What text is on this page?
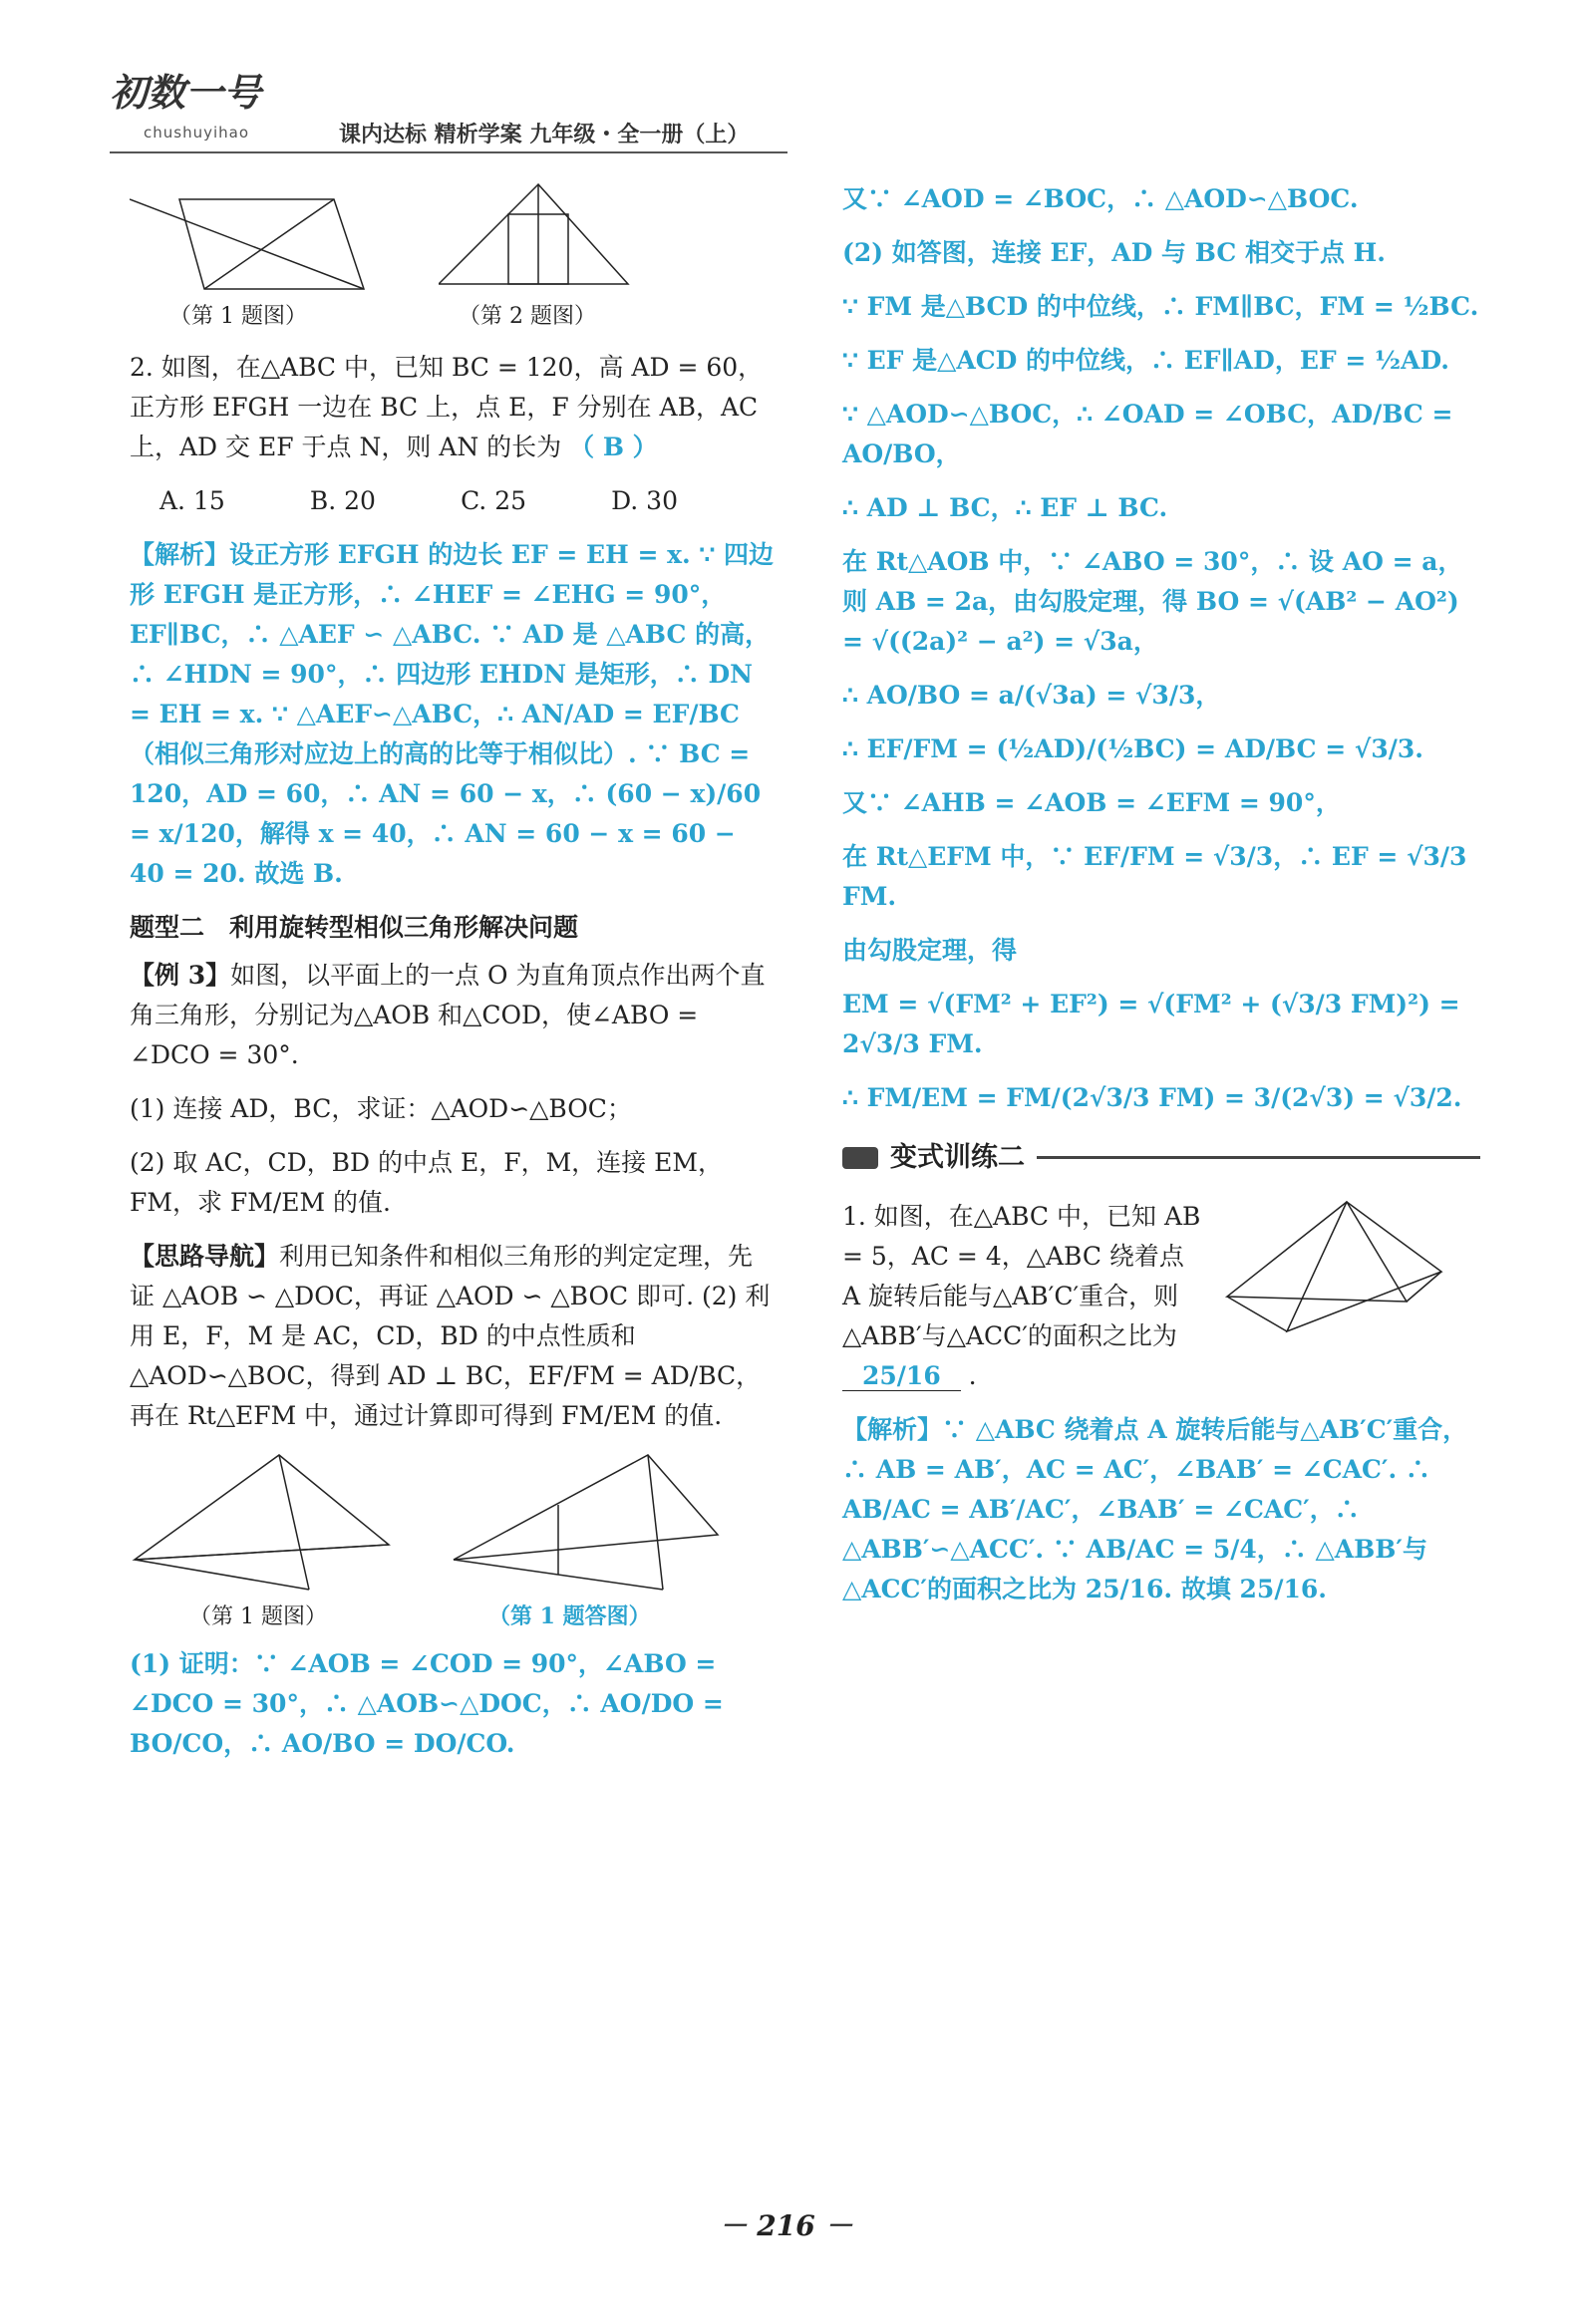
初数一号
chushuyihao	课内达标 精析学案 九年级・全一册（上）
（第 1 题图）	（第 2 题图）

2. 如图，在△ABC 中，已知 BC = 120，高 AD = 60，正方形 EFGH 一边在 BC 上，点 E，F 分别在 AB，AC 上，AD 交 EF 于点 N，则 AN 的长为 （ B ）

A. 15	B. 20	C. 25	D. 30

【解析】设正方形 EFGH 的边长 EF = EH = x. ∵ 四边形 EFGH 是正方形，∴ ∠HEF = ∠EHG = 90°，EF∥BC，∴ △AEF ∽ △ABC. ∵ AD 是 △ABC 的高，∴ ∠HDN = 90°，∴ 四边形 EHDN 是矩形，∴ DN = EH = x. ∵ △AEF∽△ABC，∴ AN/AD = EF/BC（相似三角形对应边上的高的比等于相似比）. ∵ BC = 120，AD = 60，∴ AN = 60 − x，∴ (60 − x)/60 = x/120，解得 x = 40，∴ AN = 60 − x = 60 − 40 = 20. 故选 B.

题型二　利用旋转型相似三角形解决问题

【例 3】如图，以平面上的一点 O 为直角顶点作出两个直角三角形，分别记为△AOB 和△COD，使∠ABO = ∠DCO = 30°.

(1) 连接 AD，BC，求证：△AOD∽△BOC；

(2) 取 AC，CD，BD 的中点 E，F，M，连接 EM，FM，求 FM/EM 的值.

【思路导航】利用已知条件和相似三角形的判定定理，先证 △AOB ∽ △DOC，再证 △AOD ∽ △BOC 即可. (2) 利用 E，F，M 是 AC，CD，BD 的中点性质和△AOD∽△BOC，得到 AD ⊥ BC，EF/FM = AD/BC，再在 Rt△EFM 中，通过计算即可得到 FM/EM 的值.

（第 1 题图）	（第 1 题答图）

(1) 证明：∵ ∠AOB = ∠COD = 90°，∠ABO = ∠DCO = 30°，∴ △AOB∽△DOC，∴ AO/DO = BO/CO，∴ AO/BO = DO/CO.

又∵ ∠AOD = ∠BOC，∴ △AOD∽△BOC.

(2) 如答图，连接 EF，AD 与 BC 相交于点 H.

∵ FM 是△BCD 的中位线，∴ FM∥BC，FM = ½BC.

∵ EF 是△ACD 的中位线，∴ EF∥AD，EF = ½AD.

∵ △AOD∽△BOC，∴ ∠OAD = ∠OBC，AD/BC = AO/BO，

∴ AD ⊥ BC，∴ EF ⊥ BC.

在 Rt△AOB 中，∵ ∠ABO = 30°，∴ 设 AO = a，则 AB = 2a，由勾股定理，得 BO = √(AB² − AO²) = √((2a)² − a²) = √3a，

∴ AO/BO = a/(√3a) = √3/3，

∴ EF/FM = (½AD)/(½BC) = AD/BC = √3/3.

又∵ ∠AHB = ∠AOB = ∠EFM = 90°，

在 Rt△EFM 中，∵ EF/FM = √3/3，∴ EF = √3/3 FM.

由勾股定理，得

EM = √(FM² + EF²) = √(FM² + (√3/3 FM)²) = 2√3/3 FM.

∴ FM/EM = FM/(2√3/3 FM) = 3/(2√3) = √3/2.

变式训练二

1. 如图，在△ABC 中，已知 AB = 5，AC = 4，△ABC 绕着点 A 旋转后能与△AB′C′重合，则△ABB′与△ACC′的面积之比为 25/16 .

【解析】∵ △ABC 绕着点 A 旋转后能与△AB′C′重合，∴ AB = AB′，AC = AC′，∠BAB′ = ∠CAC′. ∴ AB/AC = AB′/AC′，∠BAB′ = ∠CAC′，∴ △ABB′∽△ACC′. ∵ AB/AC = 5/4，∴ △ABB′与△ACC′的面积之比为 25/16. 故填 25/16.

－ 216 －
